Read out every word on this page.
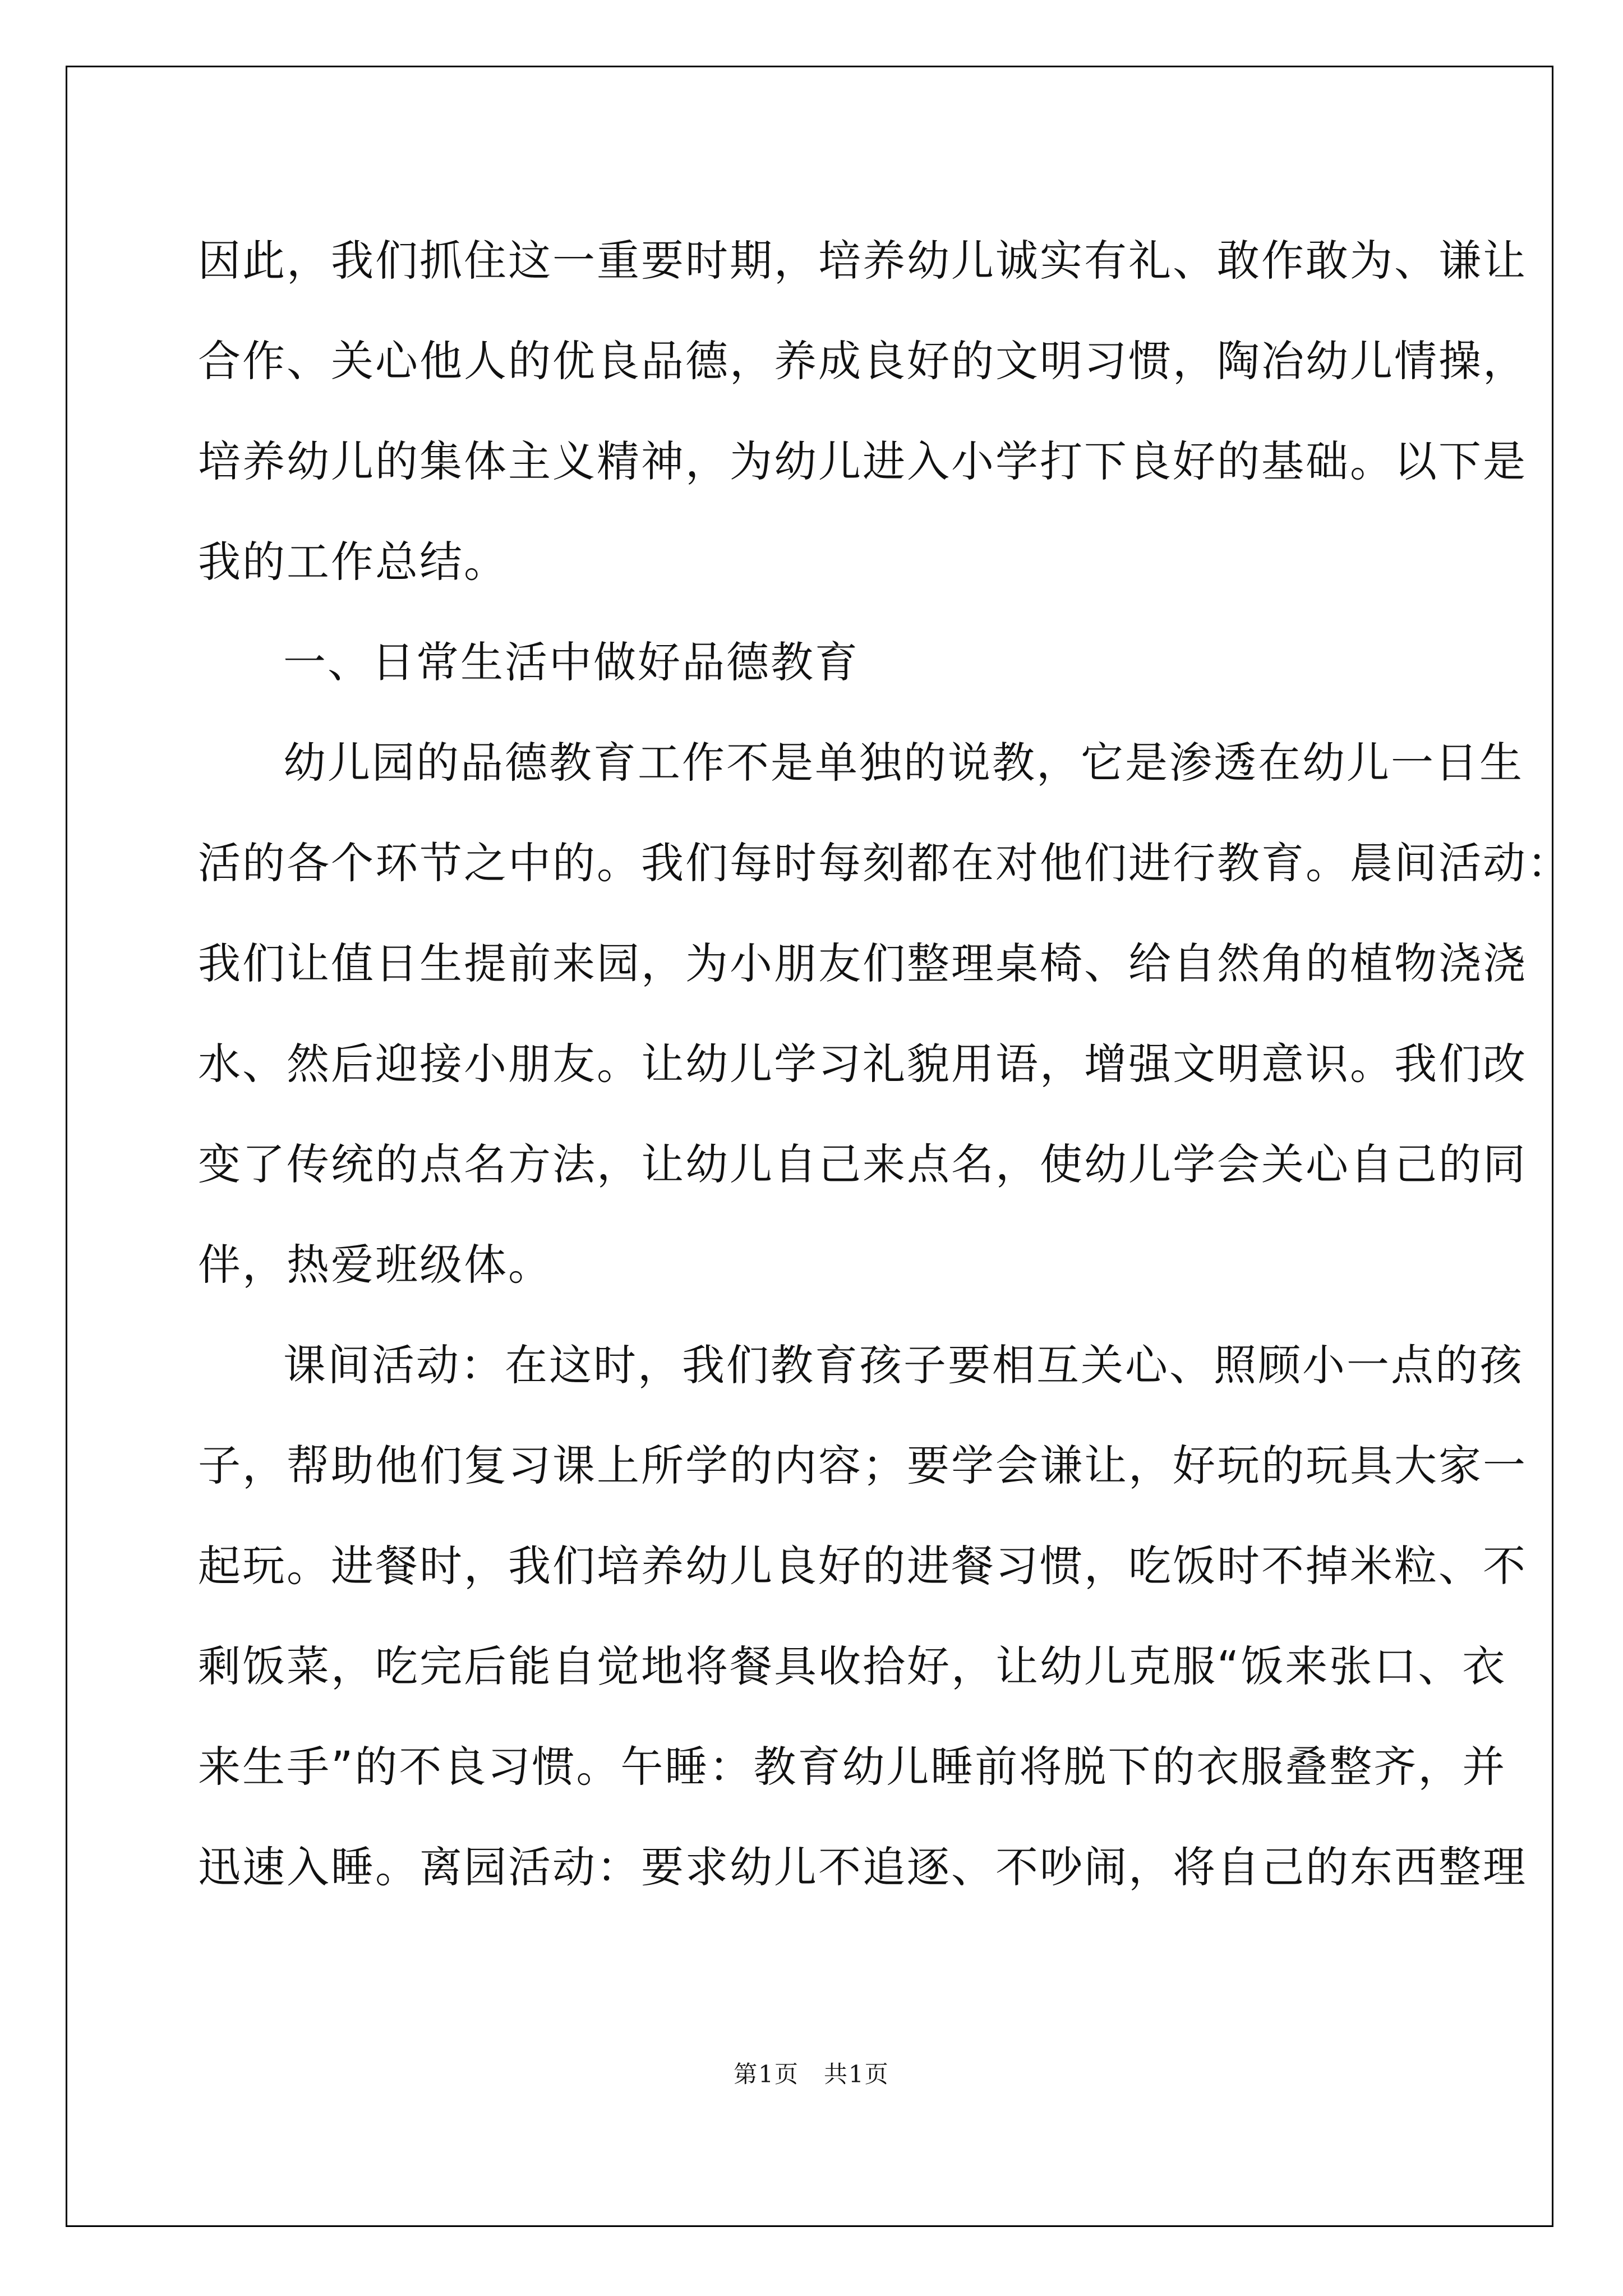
因此，我们抓住这一重要时期，培养幼儿诚实有礼、敢作敢为、谦让
合作、关心他人的优良品德，养成良好的文明习惯，陶冶幼儿情操，
培养幼儿的集体主义精神，为幼儿进入小学打下良好的基础。以下是
我的工作总结。
一、日常生活中做好品德教育
幼儿园的品德教育工作不是单独的说教，它是渗透在幼儿一日生
活的各个环节之中的。我们每时每刻都在对他们进行教育。晨间活动：
我们让值日生提前来园，为小朋友们整理桌椅、给自然角的植物浇浇
水、然后迎接小朋友。让幼儿学习礼貌用语，增强文明意识。我们改
变了传统的点名方法，让幼儿自己来点名，使幼儿学会关心自己的同
伴，热爱班级体。
课间活动：在这时，我们教育孩子要相互关心、照顾小一点的孩
子，帮助他们复习课上所学的内容；要学会谦让，好玩的玩具大家一
起玩。进餐时，我们培养幼儿良好的进餐习惯，吃饭时不掉米粒、不
剩饭菜，吃完后能自觉地将餐具收拾好，让幼儿克服“饭来张口、衣
来生手”的不良习惯。午睡：教育幼儿睡前将脱下的衣服叠整齐，并
迅速入睡。离园活动：要求幼儿不追逐、不吵闹，将自己的东西整理
第1页 共1页
